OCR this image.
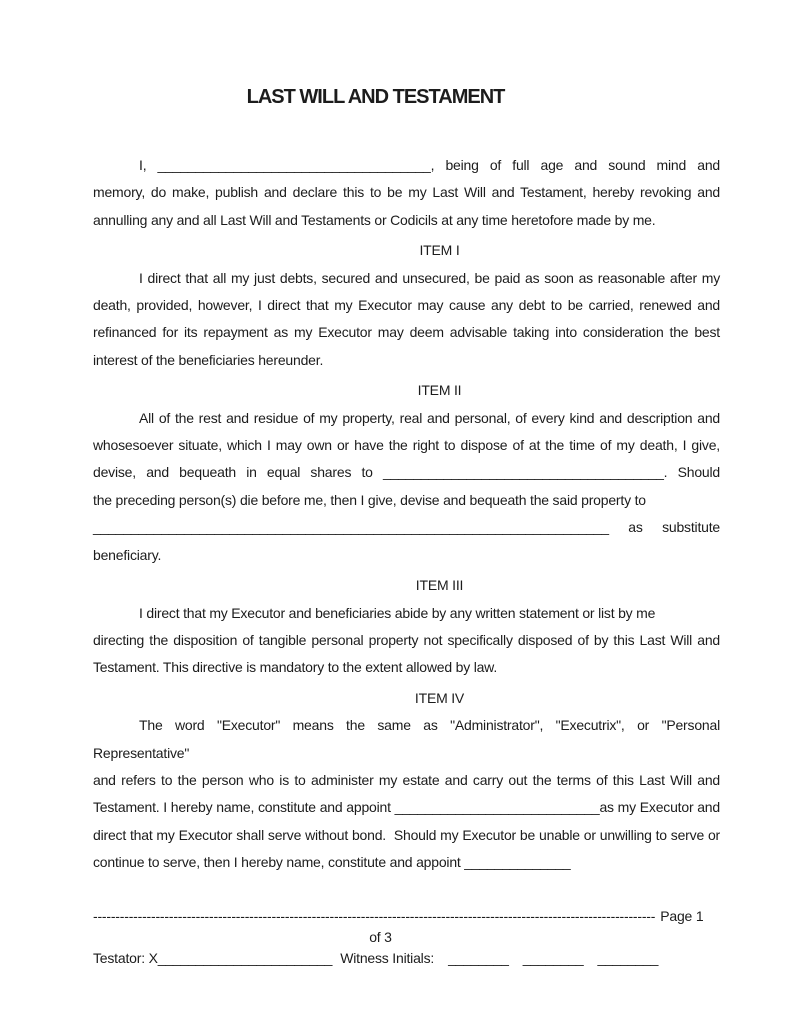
LAST WILL AND TESTAMENT
I, ____________________________________, being of full age and sound mind and
memory, do make, publish and declare this to be my Last Will and Testament, hereby revoking and
annulling any and all Last Will and Testaments or Codicils at any time heretofore made by me.
ITEM I
I direct that all my just debts, secured and unsecured, be paid as soon as reasonable after my
death, provided, however, I direct that my Executor may cause any debt to be carried, renewed and
refinanced for its repayment as my Executor may deem advisable taking into consideration the best
interest of the beneficiaries hereunder.
ITEM II
All of the rest and residue of my property, real and personal, of every kind and description and
whosesoever situate, which I may own or have the right to dispose of at the time of my death, I give,
devise, and bequeath in equal shares to _____________________________________. Should
the preceding person(s) die before me, then I give, devise and bequeath the said property to
____________________________________________________________________ as substitute
beneficiary.
ITEM III
I direct that my Executor and beneficiaries abide by any written statement or list by me
directing the disposition of tangible personal property not specifically disposed of by this Last Will and
Testament. This directive is mandatory to the extent allowed by law.
ITEM IV
The word "Executor" means the same as "Administrator", "Executrix", or "Personal Representative"
and refers to the person who is to administer my estate and carry out the terms of this Last Will and
Testament. I hereby name, constitute and appoint ___________________________as my Executor and
direct that my Executor shall serve without bond.  Should my Executor be unable or unwilling to serve or
continue to serve, then I hereby name, constitute and appoint ______________
------------------------------------------------------------------------------------------------------------------------------ Page 1
of 3
Testator: X_______________________ Witness Initials: ________ ________ ________
